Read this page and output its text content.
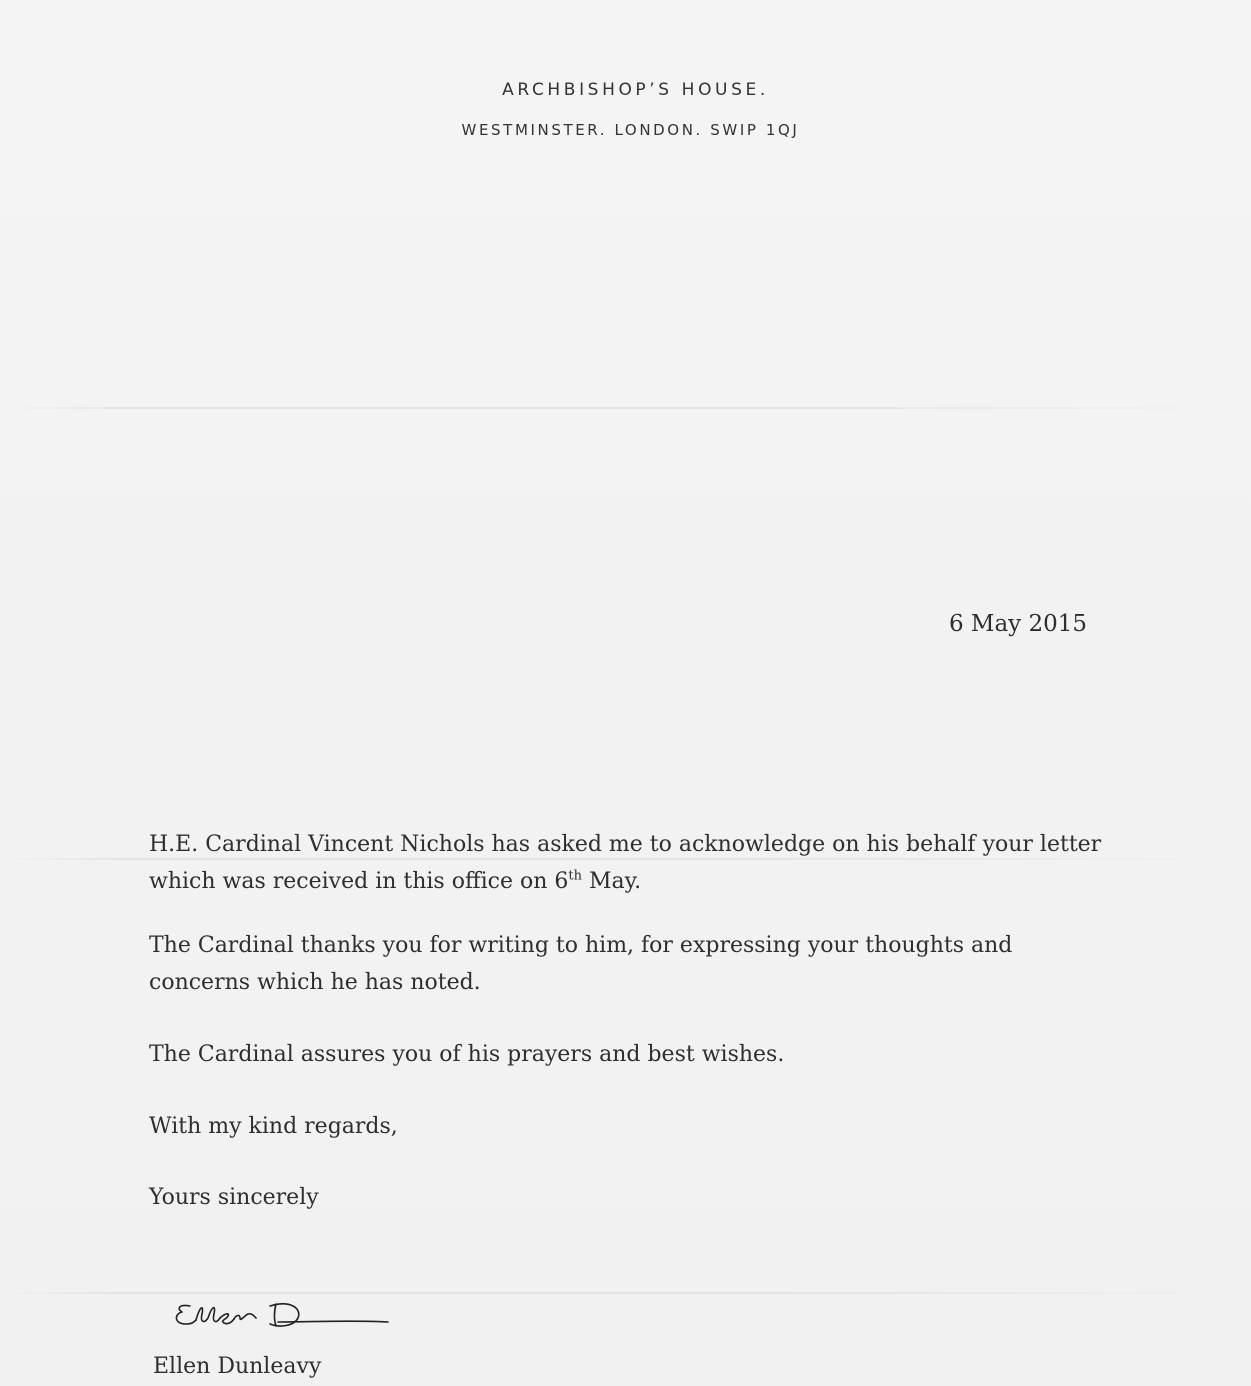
ARCHBISHOP’S HOUSE.
WESTMINSTER. LONDON. SWIP 1QJ
6 May 2015
H.E. Cardinal Vincent Nichols has asked me to acknowledge on his behalf your letter which was received in this office on 6th May.
The Cardinal thanks you for writing to him, for expressing your thoughts and concerns which he has noted.
The Cardinal assures you of his prayers and best wishes.
With my kind regards,
Yours sincerely
Ellen Dunleavy
